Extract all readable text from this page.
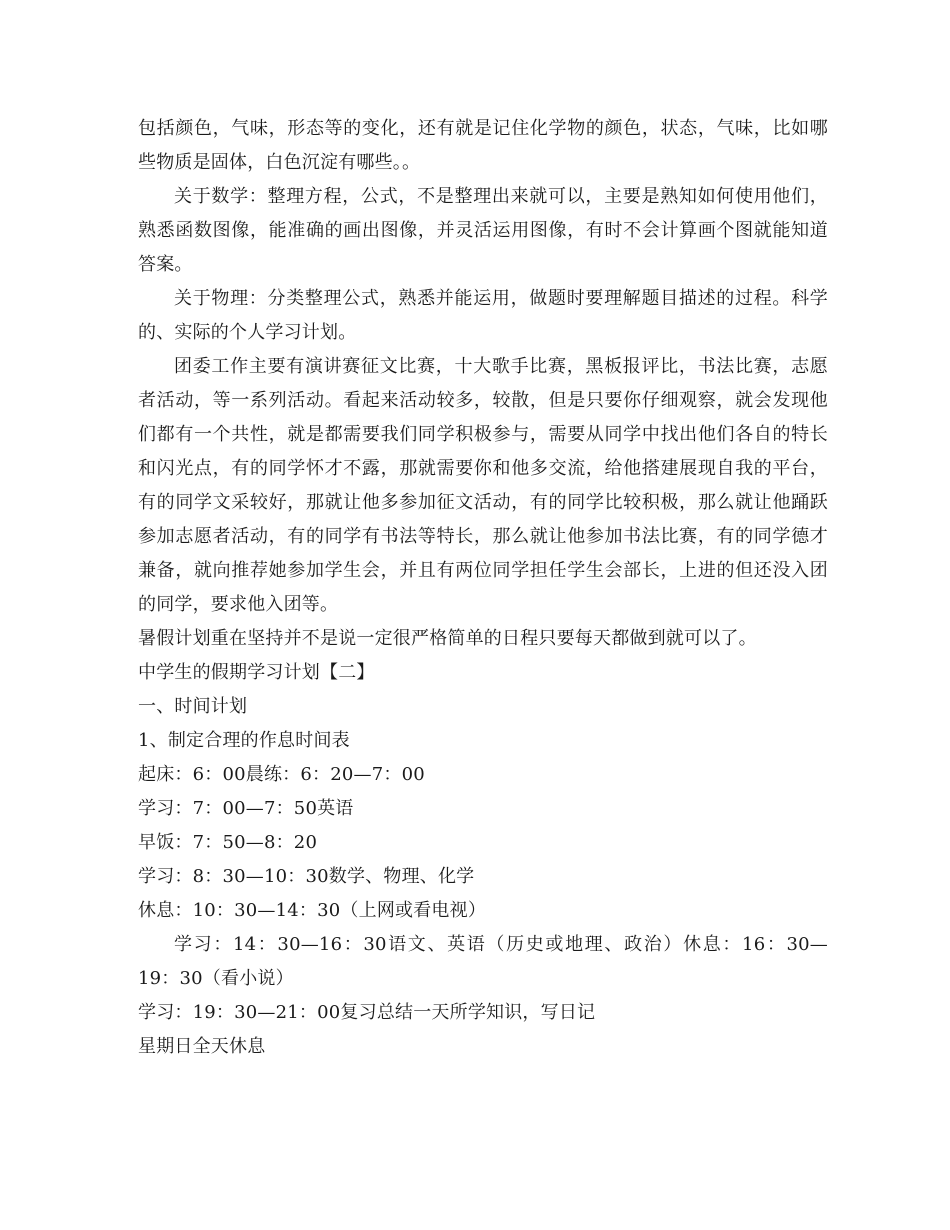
包括颜色，气味，形态等的变化，还有就是记住化学物的颜色，状态，气味，比如哪些物质是固体，白色沉淀有哪些。。

关于数学：整理方程，公式，不是整理出来就可以，主要是熟知如何使用他们，熟悉函数图像，能准确的画出图像，并灵活运用图像，有时不会计算画个图就能知道答案。

关于物理：分类整理公式，熟悉并能运用，做题时要理解题目描述的过程。科学的、实际的个人学习计划。

团委工作主要有演讲赛征文比赛，十大歌手比赛，黑板报评比，书法比赛，志愿者活动，等一系列活动。看起来活动较多，较散，但是只要你仔细观察，就会发现他们都有一个共性，就是都需要我们同学积极参与，需要从同学中找出他们各自的特长和闪光点，有的同学怀才不露，那就需要你和他多交流，给他搭建展现自我的平台，有的同学文采较好，那就让他多参加征文活动，有的同学比较积极，那么就让他踊跃参加志愿者活动，有的同学有书法等特长，那么就让他参加书法比赛，有的同学德才兼备，就向推荐她参加学生会，并且有两位同学担任学生会部长，上进的但还没入团的同学，要求他入团等。

暑假计划重在坚持并不是说一定很严格简单的日程只要每天都做到就可以了。

中学生的假期学习计划【二】

一、时间计划

1、制定合理的作息时间表

起床：6：00晨练：6：20—7：00

学习：7：00—7：50英语

早饭：7：50—8：20

学习：8：30—10：30数学、物理、化学

休息：10：30—14：30（上网或看电视）

学习：14：30—16：30语文、英语（历史或地理、政治）休息：16：30—19：30（看小说）

学习：19：30—21：00复习总结一天所学知识，写日记

星期日全天休息
